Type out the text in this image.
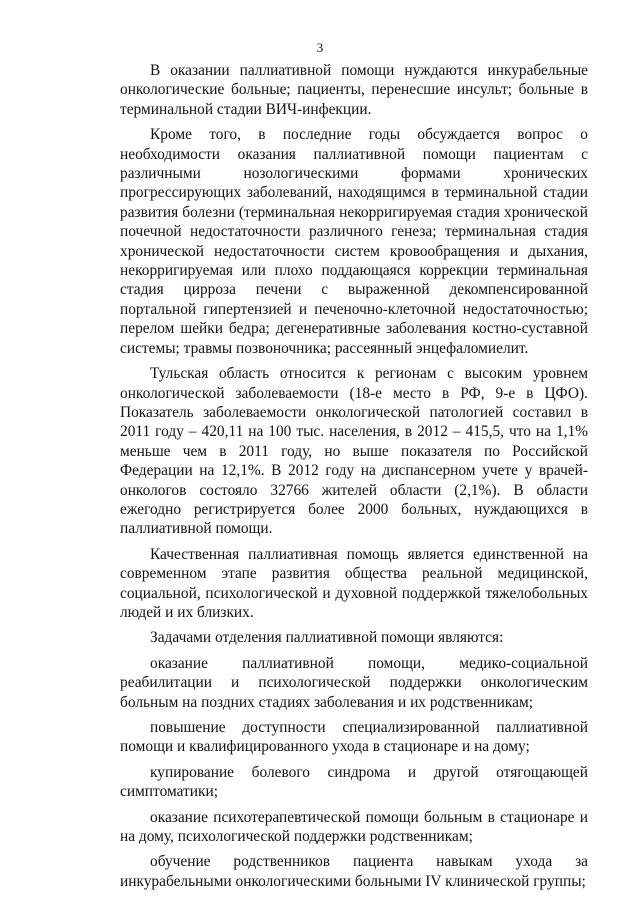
3

В оказании паллиативной помощи нуждаются инкурабельные онкологические больные; пациенты, перенесшие инсульт; больные в терминальной стадии ВИЧ-инфекции.

Кроме того, в последние годы обсуждается вопрос о необходимости оказания паллиативной помощи пациентам с различными нозологическими формами хронических прогрессирующих заболеваний, находящимся в терминальной стадии развития болезни (терминальная некорригируемая стадия хронической почечной недостаточности различного генеза; терминальная стадия хронической недостаточности систем кровообращения и дыхания, некорригируемая или плохо поддающаяся коррекции терминальная стадия цирроза печени с выраженной декомпенсированной портальной гипертензией и печеночно-клеточной недостаточностью; перелом шейки бедра; дегенеративные заболевания костно-суставной системы; травмы позвоночника; рассеянный энцефаломиелит.

Тульская область относится к регионам с высоким уровнем онкологической заболеваемости (18-е место в РФ, 9-е в ЦФО). Показатель заболеваемости онкологической патологией составил в 2011 году – 420,11 на 100 тыс. населения, в 2012 – 415,5, что на 1,1% меньше чем в 2011 году, но выше показателя по Российской Федерации на 12,1%. В 2012 году на диспансерном учете у врачей-онкологов состояло 32766 жителей области (2,1%). В области ежегодно регистрируется более 2000 больных, нуждающихся в паллиативной помощи.

Качественная паллиативная помощь является единственной на современном этапе развития общества реальной медицинской, социальной, психологической и духовной поддержкой тяжелобольных людей и их близких.

Задачами отделения паллиативной помощи являются:

оказание паллиативной помощи, медико-социальной реабилитации и психологической поддержки онкологическим больным на поздних стадиях заболевания и их родственникам;

повышение доступности специализированной паллиативной помощи и квалифицированного ухода в стационаре и на дому;

купирование болевого синдрома и другой отягощающей симптоматики;

оказание психотерапевтической помощи больным в стационаре и на дому, психологической поддержки родственникам;

обучение родственников пациента навыкам ухода за инкурабельными онкологическими больными IV клинической группы;
